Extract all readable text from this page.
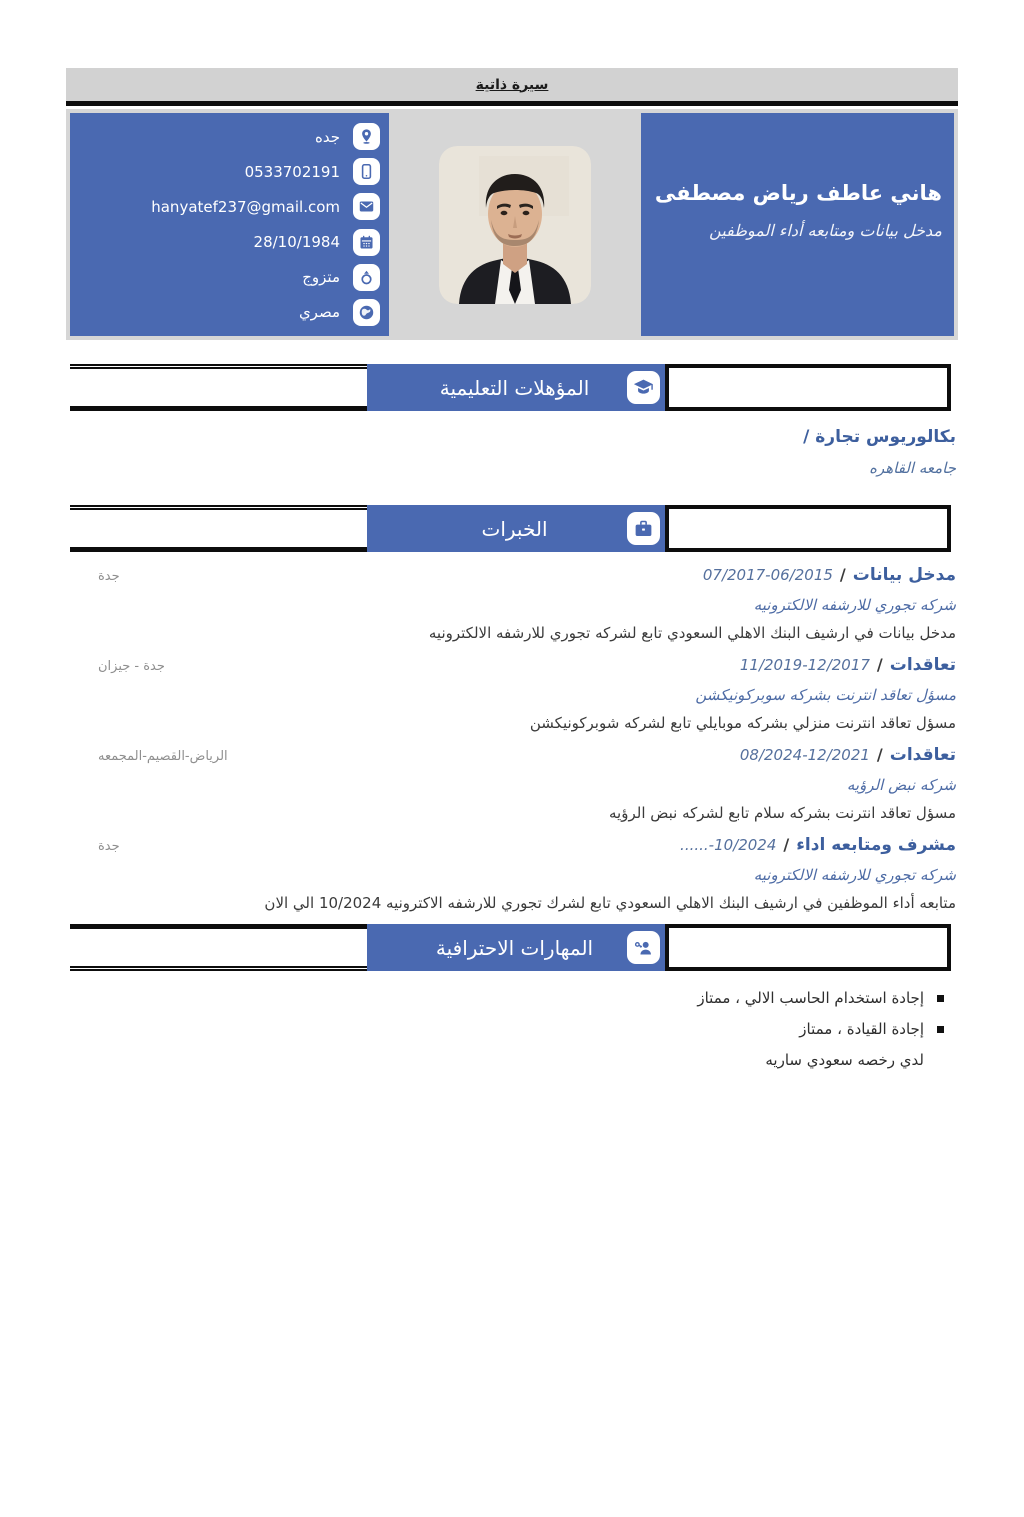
سيرة ذاتية
جده
0533702191
hanyatef237@gmail.com
28/10/1984
متزوج
مصري

هاني عاطف رياض مصطفى

مدخل بيانات ومتابعه أداء الموظفين

المؤهلات التعليمية
بكالوريوس تجارة /
جامعه القاهره
الخبرات
مدخل بيانات
/
07/2017-06/2015
جدة
شركه تجوري للارشفه الالكترونيه
مدخل بيانات في ارشيف البنك الاهلي السعودي تابع لشركه تجوري للارشفه الالكترونيه
تعاقدات
/
11/2019-12/2017
جدة - جيزان
مسؤل تعاقد انترنت بشركه سوبركونيكشن
مسؤل تعاقد انترنت منزلي بشركه موبايلي تابع لشركه شوبركونيكشن
تعاقدات
/
08/2024-12/2021
الرياض-القصيم-المجمعه
شركه نبض الرؤيه
مسؤل تعاقد انترنت بشركه سلام تابع لشركه نبض الرؤيه
مشرف ومتابعه اداء
/
......-10/2024
جدة
شركه تجوري للارشفه الالكترونيه
متابعه أداء الموظفين في ارشيف البنك الاهلي السعودي تابع لشرك تجوري للارشفه الاكترونيه 10/2024 الي الان
المهارات الاحترافية
إجادة استخدام الحاسب الالي ، ممتاز
إجادة القيادة ، ممتاز
لدي رخصه سعودي ساريه
